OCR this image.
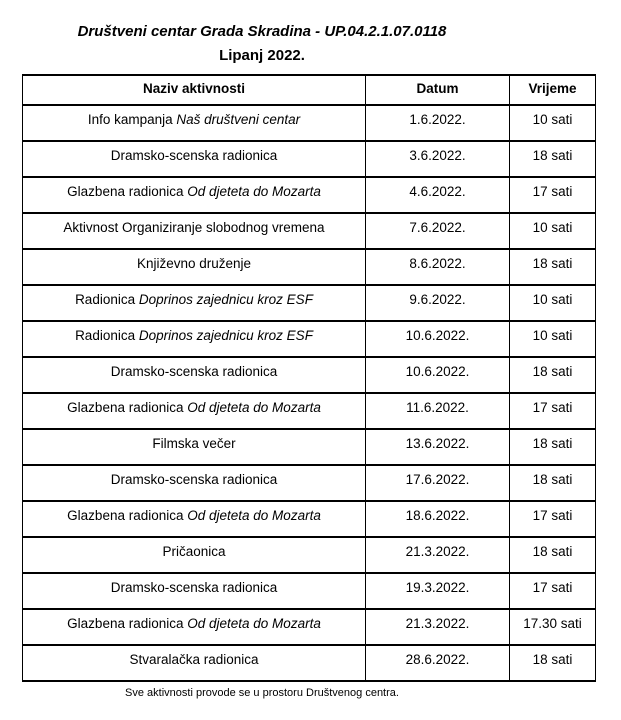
Društveni centar Grada Skradina - UP.04.2.1.07.0118
Lipanj 2022.
Naziv aktivnosti	Datum	Vrijeme
Info kampanja Naš društveni centar	1.6.2022.	10 sati
Dramsko-scenska radionica	3.6.2022.	18 sati
Glazbena radionica Od djeteta do Mozarta	4.6.2022.	17 sati
Aktivnost Organiziranje slobodnog vremena	7.6.2022.	10 sati
Književno druženje	8.6.2022.	18 sati
Radionica Doprinos zajednicu kroz ESF	9.6.2022.	10 sati
Radionica Doprinos zajednicu kroz ESF	10.6.2022.	10 sati
Dramsko-scenska radionica	10.6.2022.	18 sati
Glazbena radionica Od djeteta do Mozarta	11.6.2022.	17 sati
Filmska večer	13.6.2022.	18 sati
Dramsko-scenska radionica	17.6.2022.	18 sati
Glazbena radionica Od djeteta do Mozarta	18.6.2022.	17 sati
Pričaonica	21.3.2022.	18 sati
Dramsko-scenska radionica	19.3.2022.	17 sati
Glazbena radionica Od djeteta do Mozarta	21.3.2022.	17.30 sati
Stvaralačka radionica	28.6.2022.	18 sati
Sve aktivnosti provode se u prostoru Društvenog centra.
